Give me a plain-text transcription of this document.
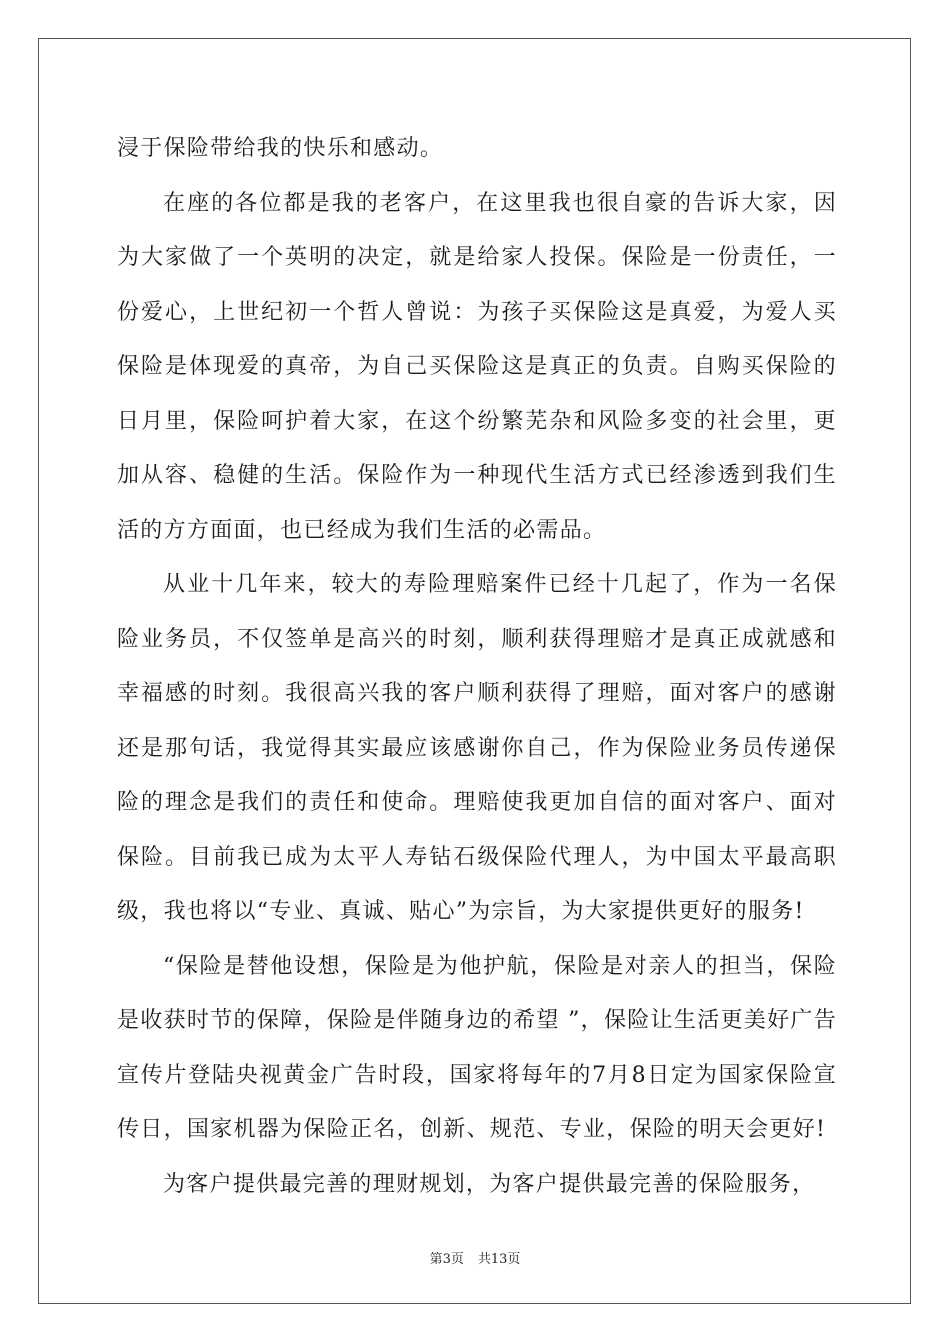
浸于保险带给我的快乐和感动。

在座的各位都是我的老客户，在这里我也很自豪的告诉大家，因为大家做了一个英明的决定，就是给家人投保。保险是一份责任，一份爱心，上世纪初一个哲人曾说：为孩子买保险这是真爱，为爱人买保险是体现爱的真帝，为自己买保险这是真正的负责。自购买保险的日月里，保险呵护着大家，在这个纷繁芜杂和风险多变的社会里，更加从容、稳健的生活。保险作为一种现代生活方式已经渗透到我们生活的方方面面，也已经成为我们生活的必需品。

从业十几年来，较大的寿险理赔案件已经十几起了，作为一名保险业务员，不仅签单是高兴的时刻，顺利获得理赔才是真正成就感和幸福感的时刻。我很高兴我的客户顺利获得了理赔，面对客户的感谢还是那句话，我觉得其实最应该感谢你自己，作为保险业务员传递保险的理念是我们的责任和使命。理赔使我更加自信的面对客户、面对保险。目前我已成为太平人寿钻石级保险代理人，为中国太平最高职级，我也将以“专业、真诚、贴心”为宗旨，为大家提供更好的服务!

“保险是替他设想，保险是为他护航，保险是对亲人的担当，保险是收获时节的保障，保险是伴随身边的希望 ”，保险让生活更美好广告宣传片登陆央视黄金广告时段，国家将每年的7月8日定为国家保险宣传日，国家机器为保险正名，创新、规范、专业，保险的明天会更好!

为客户提供最完善的理财规划，为客户提供最完善的保险服务，

第3页 共13页
